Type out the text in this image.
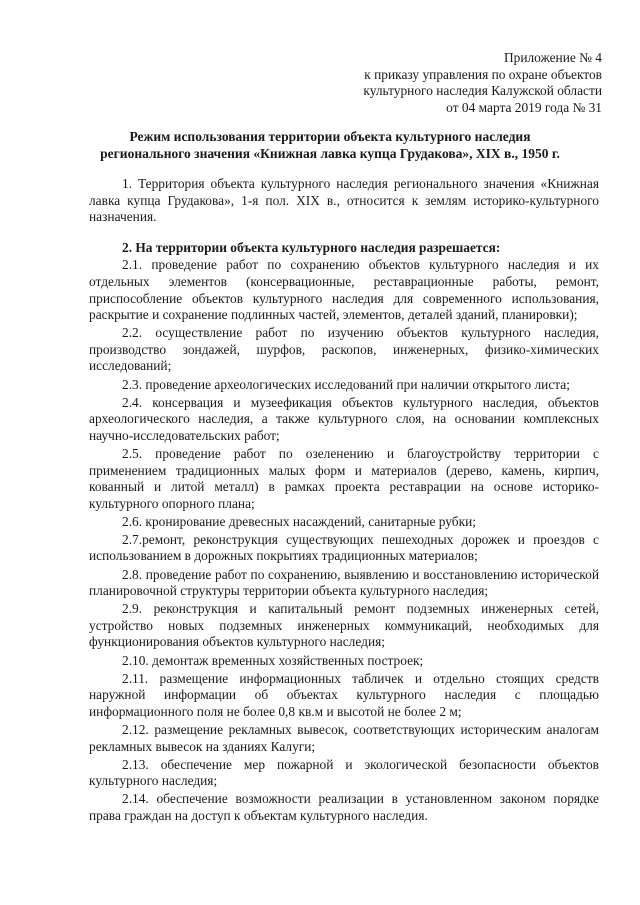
Приложение № 4
к приказу управления по охране объектов
культурного наследия Калужской области
от 04 марта 2019 года № 31
Режим использования территории объекта культурного наследия
регионального значения «Книжная лавка купца Грудакова», XIX в., 1950 г.

1. Территория объекта культурного наследия регионального значения «Книжная лавка купца Грудакова», 1-я пол. XIX в., относится к землям историко-культурного назначения.

2. На территории объекта культурного наследия разрешается:

2.1. проведение работ по сохранению объектов культурного наследия и их отдельных элементов (консервационные, реставрационные работы, ремонт, приспособление объектов культурного наследия для современного использования, раскрытие и сохранение подлинных частей, элементов, деталей зданий, планировки);

2.2. осуществление работ по изучению объектов культурного наследия, производство зондажей, шурфов, раскопов, инженерных, физико-химических исследований;

2.3. проведение археологических исследований при наличии открытого листа;

2.4. консервация и музеефикация объектов культурного наследия, объектов археологического наследия, а также культурного слоя, на основании комплексных научно-исследовательских работ;

2.5. проведение работ по озеленению и благоустройству территории с применением традиционных малых форм и материалов (дерево, камень, кирпич, кованный и литой металл) в рамках проекта реставрации на основе историко-культурного опорного плана;

2.6. кронирование древесных насаждений, санитарные рубки;

2.7.ремонт, реконструкция существующих пешеходных дорожек и проездов с использованием в дорожных покрытиях традиционных материалов;

2.8. проведение работ по сохранению, выявлению и восстановлению исторической планировочной структуры территории объекта культурного наследия;

2.9. реконструкция и капитальный ремонт подземных инженерных сетей, устройство новых подземных инженерных коммуникаций, необходимых для функционирования объектов культурного наследия;

2.10. демонтаж временных хозяйственных построек;

2.11. размещение информационных табличек и отдельно стоящих средств наружной информации об объектах культурного наследия с площадью информационного поля не более 0,8 кв.м и высотой не более 2 м;

2.12. размещение рекламных вывесок, соответствующих историческим аналогам рекламных вывесок на зданиях Калуги;

2.13. обеспечение мер пожарной и экологической безопасности объектов культурного наследия;

2.14. обеспечение возможности реализации в установленном законом порядке права граждан на доступ к объектам культурного наследия.
